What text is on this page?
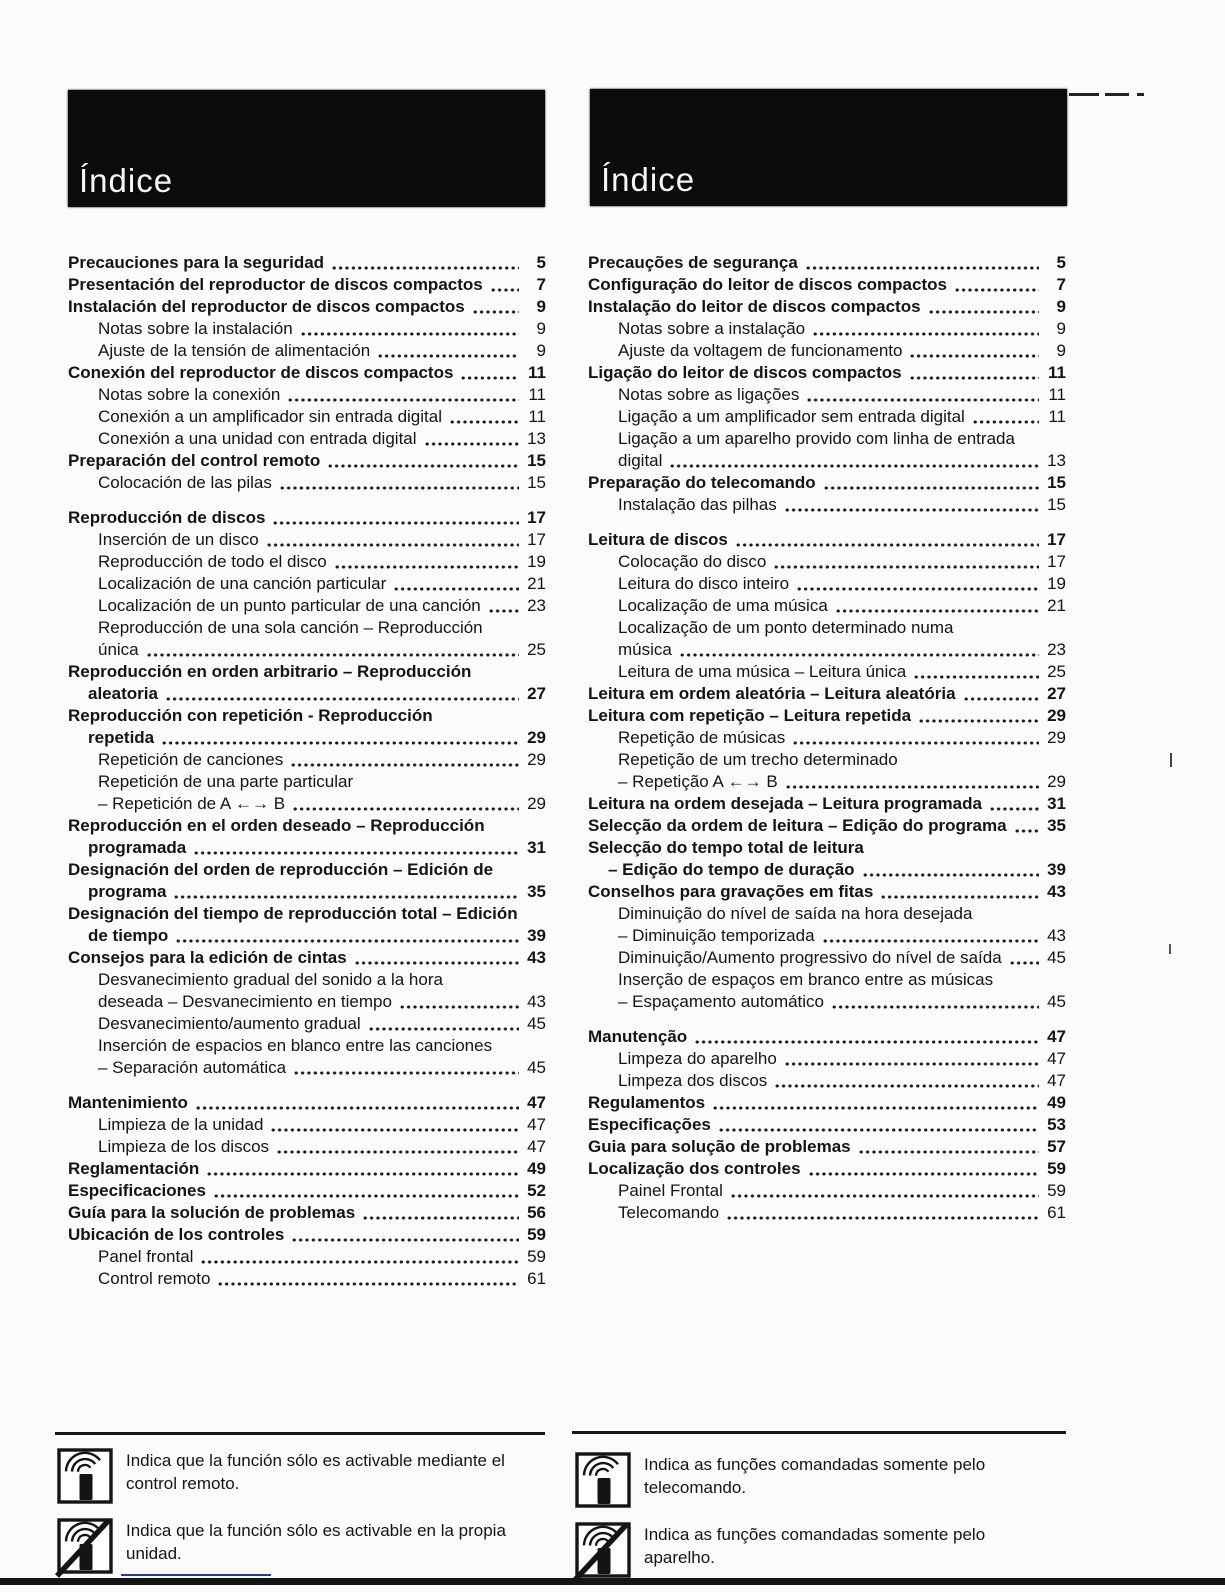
Índice	Índice
Precauciones para la seguridad	5
Presentación del reproductor de discos compactos	7
Instalación del reproductor de discos compactos	9
Notas sobre la instalación	9
Ajuste de la tensión de alimentación	9
Conexión del reproductor de discos compactos	11
Notas sobre la conexión	11
Conexión a un amplificador sin entrada digital	11
Conexión a una unidad con entrada digital	13
Preparación del control remoto	15
Colocación de las pilas	15
Reproducción de discos	17
Inserción de un disco	17
Reproducción de todo el disco	19
Localización de una canción particular	21
Localización de un punto particular de una canción	23
Reproducción de una sola canción – Reproducción
única	25
Reproducción en orden arbitrario – Reproducción
aleatoria	27
Reproducción con repetición - Reproducción
repetida	29
Repetición de canciones	29
Repetición de una parte particular
– Repetición de A ←→ B	29
Reproducción en el orden deseado – Reproducción
programada	31
Designación del orden de reproducción – Edición de
programa	35
Designación del tiempo de reproducción total – Edición
de tiempo	39
Consejos para la edición de cintas	43
Desvanecimiento gradual del sonido a la hora
deseada – Desvanecimiento en tiempo	43
Desvanecimiento/aumento gradual	45
Inserción de espacios en blanco entre las canciones
– Separación automática	45
Mantenimiento	47
Limpieza de la unidad	47
Limpieza de los discos	47
Reglamentación	49
Especificaciones	52
Guía para la solución de problemas	56
Ubicación de los controles	59
Panel frontal	59
Control remoto	61
Precauções de segurança	5
Configuração do leitor de discos compactos	7
Instalação do leitor de discos compactos	9
Notas sobre a instalação	9
Ajuste da voltagem de funcionamento	9
Ligação do leitor de discos compactos	11
Notas sobre as ligações	11
Ligação a um amplificador sem entrada digital	11
Ligação a um aparelho provido com linha de entrada
digital	13
Preparação do telecomando	15
Instalação das pilhas	15
Leitura de discos	17
Colocação do disco	17
Leitura do disco inteiro	19
Localização de uma música	21
Localização de um ponto determinado numa
música	23
Leitura de uma música – Leitura única	25
Leitura em ordem aleatória – Leitura aleatória	27
Leitura com repetição – Leitura repetida	29
Repetição de músicas	29
Repetição de um trecho determinado
– Repetição A ←→ B	29
Leitura na ordem desejada – Leitura programada	31
Selecção da ordem de leitura – Edição do programa 35
Selecção do tempo total de leitura
– Edição do tempo de duração	39
Conselhos para gravações em fitas	43
Diminuição do nível de saída na hora desejada
– Diminuição temporizada	43
Diminuição/Aumento progressivo do nível de saída	45
Inserção de espaços em branco entre as músicas
– Espaçamento automático	45
Manutenção	47
Limpeza do aparelho	47
Limpeza dos discos	47
Regulamentos	49
Especificações	53
Guia para solução de problemas	57
Localização dos controles	59
Painel Frontal	59
Telecomando	61
Indica que la función sólo es activable mediante el control remoto.
Indica que la función sólo es activable en la propia unidad.
Indica as funções comandadas somente pelo telecomando.
Indica as funções comandadas somente pelo aparelho.
